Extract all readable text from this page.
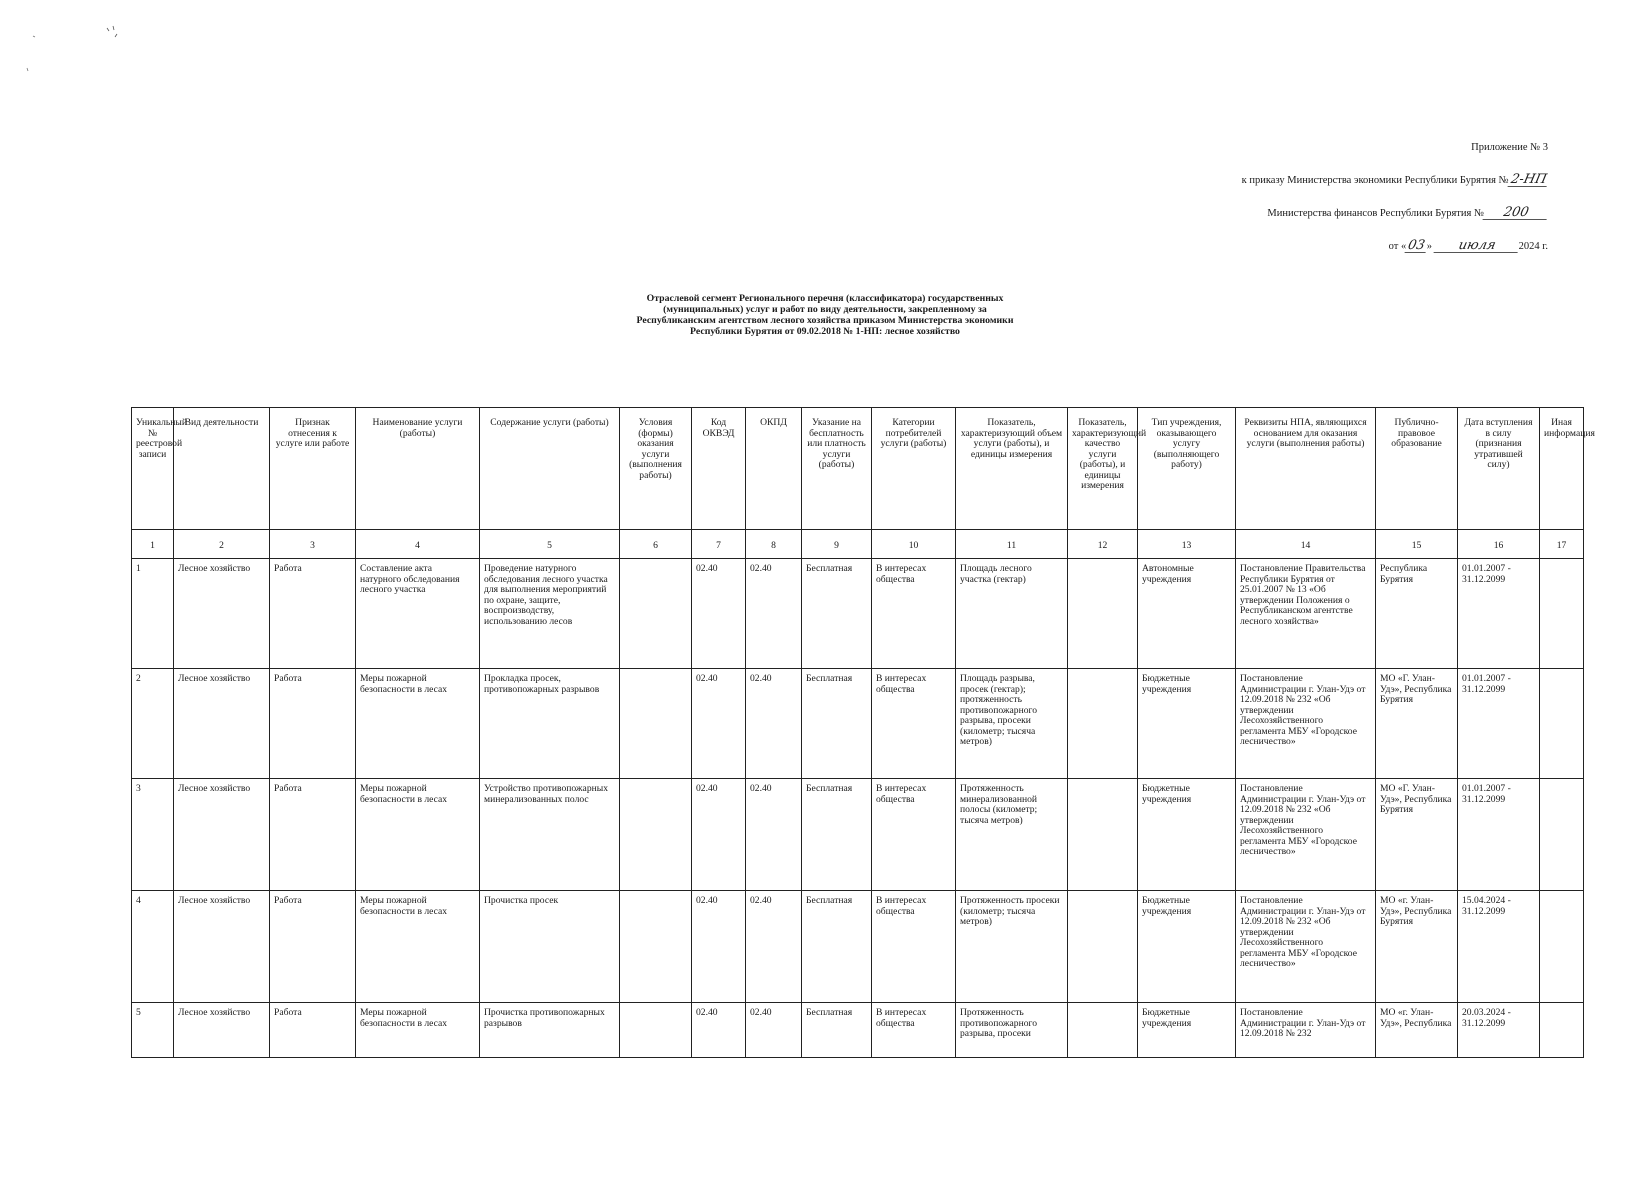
Приложение № 3
к приказу Министерства экономики Республики Бурятия №2-НП
Министерства финансов Республики Бурятия № 200
от «03» июля 2024 г.
Отраслевой сегмент Регионального перечня (классификатора) государственных (муниципальных) услуг и работ по виду деятельности, закрепленному за Республиканским агентством лесного хозяйства приказом Министерства экономики Республики Бурятия от 09.02.2018 № 1-НП: лесное хозяйство
Уникальный № реестровой записи	Вид деятельности	Признак отнесения к услуге или работе	Наименование услуги (работы)	Содержание услуги (работы)	Условия (формы) оказания услуги (выполнения работы)	Код ОКВЭД	ОКПД	Указание на бесплатность или платность услуги (работы)	Категории потребителей услуги (работы)	Показатель, характеризующий объем услуги (работы), и единицы измерения	Показатель, характеризующий качество услуги (работы), и единицы измерения	Тип учреждения, оказывающего услугу (выполняющего работу)	Реквизиты НПА, являющихся основанием для оказания услуги (выполнения работы)	Публично-правовое образование	Дата вступления в силу (признания утратившей силу)	Иная информация
1	2	3	4	5	6	7	8	9	10	11	12	13	14	15	16	17
1	Лесное хозяйство	Работа	Составление акта натурного обследования лесного участка	Проведение натурного обследования лесного участка для выполнения мероприятий по охране, защите, воспроизводству, использованию лесов		02.40	02.40	Бесплатная	В интересах общества	Площадь лесного участка (гектар)		Автономные учреждения	Постановление Правительства Республики Бурятия от 25.01.2007 № 13 «Об утверждении Положения о Республиканском агентстве лесного хозяйства»	Республика Бурятия	01.01.2007 - 31.12.2099	
2	Лесное хозяйство	Работа	Меры пожарной безопасности в лесах	Прокладка просек, противопожарных разрывов		02.40	02.40	Бесплатная	В интересах общества	Площадь разрыва, просек (гектар); протяженность противопожарного разрыва, просеки (километр; тысяча метров)		Бюджетные учреждения	Постановление Администрации г. Улан-Удэ от 12.09.2018 № 232 «Об утверждении Лесохозяйственного регламента МБУ «Городское лесничество»	МО «Г. Улан-Удэ», Республика Бурятия	01.01.2007 - 31.12.2099	
3	Лесное хозяйство	Работа	Меры пожарной безопасности в лесах	Устройство противопожарных минерализованных полос		02.40	02.40	Бесплатная	В интересах общества	Протяженность минерализованной полосы (километр; тысяча метров)		Бюджетные учреждения	Постановление Администрации г. Улан-Удэ от 12.09.2018 № 232 «Об утверждении Лесохозяйственного регламента МБУ «Городское лесничество»	МО «Г. Улан-Удэ», Республика Бурятия	01.01.2007 - 31.12.2099	
4	Лесное хозяйство	Работа	Меры пожарной безопасности в лесах	Прочистка просек		02.40	02.40	Бесплатная	В интересах общества	Протяженность просеки (километр; тысяча метров)		Бюджетные учреждения	Постановление Администрации г. Улан-Удэ от 12.09.2018 № 232 «Об утверждении Лесохозяйственного регламента МБУ «Городское лесничество»	МО «г. Улан-Удэ», Республика Бурятия	15.04.2024 - 31.12.2099	
5	Лесное хозяйство	Работа	Меры пожарной безопасности в лесах	Прочистка противопожарных разрывов		02.40	02.40	Бесплатная	В интересах общества	Протяженность противопожарного разрыва, просеки		Бюджетные учреждения	Постановление Администрации г. Улан-Удэ от 12.09.2018 № 232	МО «г. Улан-Удэ», Республика	20.03.2024 - 31.12.2099	
